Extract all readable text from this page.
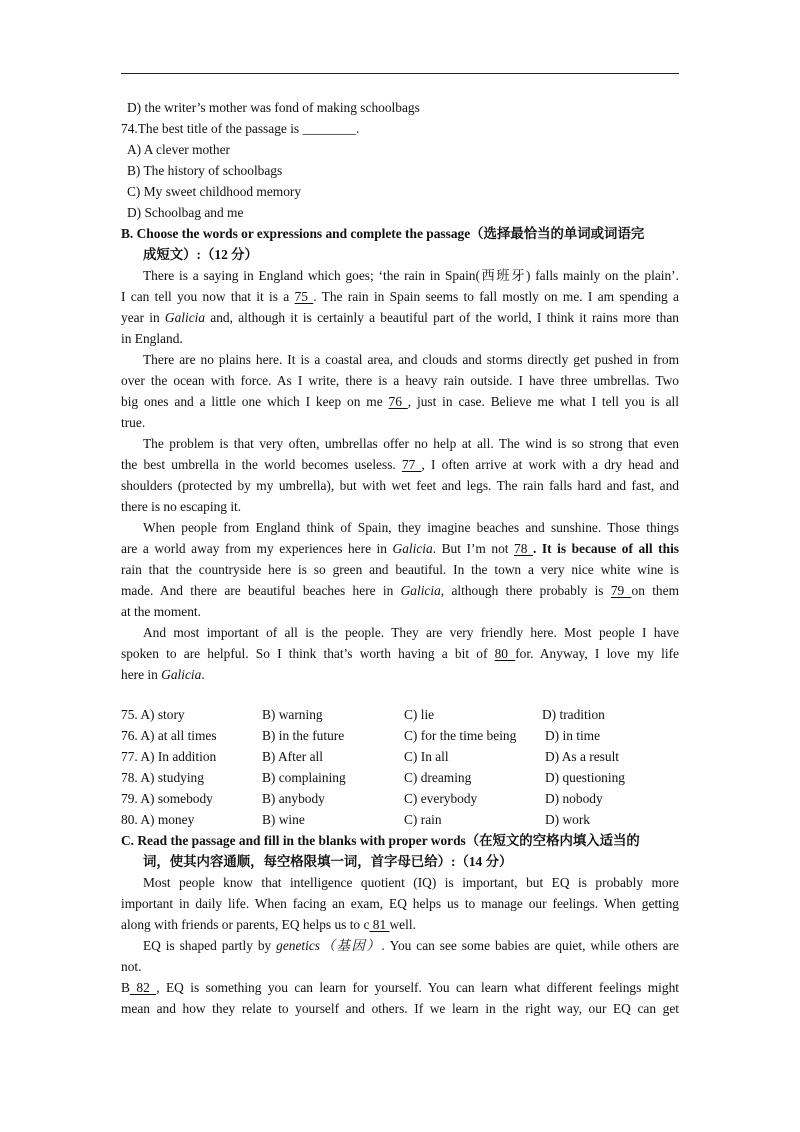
D) the writer’s mother was fond of making schoolbags
74.The best title of the passage is ________.
A) A clever mother
B) The history of schoolbags
C) My sweet childhood memory
D) Schoolbag and me
B. Choose the words or expressions and complete the passage（选择最恰当的单词或词语完
成短文）:（12 分）
There is a saying in England which goes; ‘the rain in Spain(西班牙) falls mainly on the plain’.
I can tell you now that it is a 75 . The rain in Spain seems to fall mostly on me. I am spending a
year in Galicia and, although it is certainly a beautiful part of the world, I think it rains more than
in England.
There are no plains here. It is a coastal area, and clouds and storms directly get pushed in from
over the ocean with force. As I write, there is a heavy rain outside. I have three umbrellas. Two
big ones and a little one which I keep on me 76 , just in case. Believe me what I tell you is all
true.
The problem is that very often, umbrellas offer no help at all. The wind is so strong that even
the best umbrella in the world becomes useless. 77 , I often arrive at work with a dry head and
shoulders (protected by my umbrella), but with wet feet and legs. The rain falls hard and fast, and
there is no escaping it.
When people from England think of Spain, they imagine beaches and sunshine. Those things
are a world away from my experiences here in Galicia. But I’m not 78 . It is because of all this
rain that the countryside here is so green and beautiful. In the town a very nice white wine is
made. And there are beautiful beaches here in Galicia, although there probably is 79 on them
at the moment.
And most important of all is the people. They are very friendly here. Most people I have
spoken to are helpful. So I think that’s worth having a bit of 80 for. Anyway, I love my life
here in Galicia.
75. A) story	B) warning	C) lie	D) tradition
76. A) at all times	B) in the future	C) for the time being	D) in time
77. A) In addition	B) After all	C) In all	D) As a result
78. A) studying	B) complaining	C) dreaming	D) questioning
79. A) somebody	B) anybody	C) everybody	D) nobody
80. A) money	B) wine	C) rain	D) work
C. Read the passage and fill in the blanks with proper words（在短文的空格内填入适当的
词，使其内容通顺，每空格限填一词，首字母已给）:（14 分）
Most people know that intelligence quotient (IQ) is important, but EQ is probably more
important in daily life. When facing an exam, EQ helps us to manage our feelings. When getting
along with friends or parents, EQ helps us to c 81 well.
EQ is shaped partly by genetics（基因）. You can see some babies are quiet, while others are
not.
B 82 , EQ is something you can learn for yourself. You can learn what different feelings might
mean and how they relate to yourself and others. If we learn in the right way, our EQ can get
